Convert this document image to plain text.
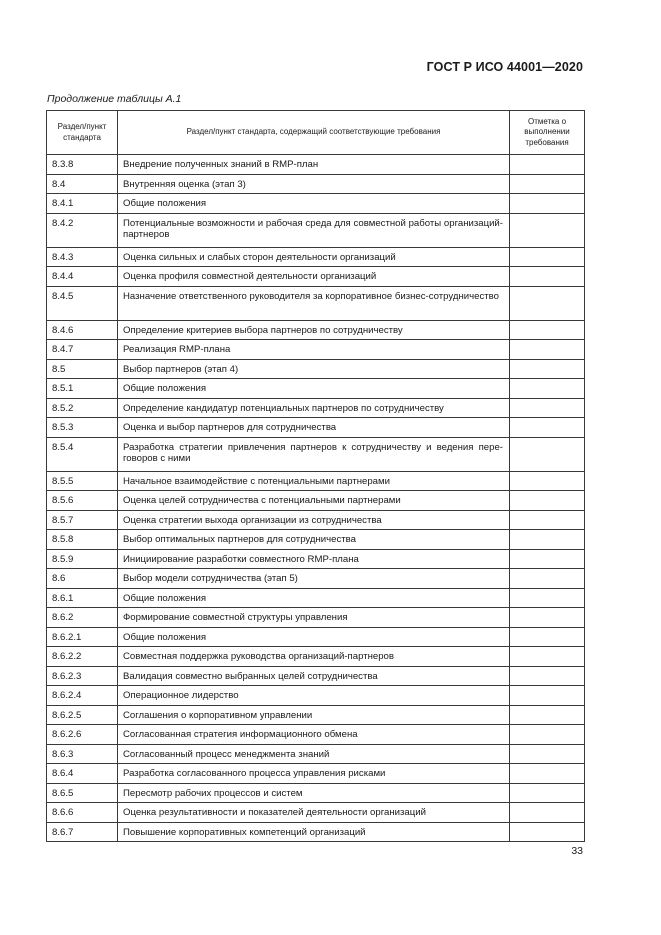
ГОСТ Р ИСО 44001—2020
Продолжение таблицы А.1
Раздел/пункт стандарта	Раздел/пункт стандарта, содержащий соответствующие требования	Отметка о выполнении требования
8.3.8	Внедрение полученных знаний в RMP-план	
8.4	Внутренняя оценка (этап 3)	
8.4.1	Общие положения	
8.4.2	Потенциальные возможности и рабочая среда для совместной работы организаций-партнеров	
8.4.3	Оценка сильных и слабых сторон деятельности организаций	
8.4.4	Оценка профиля совместной деятельности организаций	
8.4.5	Назначение ответственного руководителя за корпоративное бизнес-сотрудничество	
8.4.6	Определение критериев выбора партнеров по сотрудничеству	
8.4.7	Реализация RMP-плана	
8.5	Выбор партнеров (этап 4)	
8.5.1	Общие положения	
8.5.2	Определение кандидатур потенциальных партнеров по сотрудничеству	
8.5.3	Оценка и выбор партнеров для сотрудничества	
8.5.4	Разработка стратегии привлечения партнеров к сотрудничеству и ведения переговоров с ними	
8.5.5	Начальное взаимодействие с потенциальными партнерами	
8.5.6	Оценка целей сотрудничества с потенциальными партнерами	
8.5.7	Оценка стратегии выхода организации из сотрудничества	
8.5.8	Выбор оптимальных партнеров для сотрудничества	
8.5.9	Инициирование разработки совместного RMP-плана	
8.6	Выбор модели сотрудничества (этап 5)	
8.6.1	Общие положения	
8.6.2	Формирование совместной структуры управления	
8.6.2.1	Общие положения	
8.6.2.2	Совместная поддержка руководства организаций-партнеров	
8.6.2.3	Валидация совместно выбранных целей сотрудничества	
8.6.2.4	Операционное лидерство	
8.6.2.5	Соглашения о корпоративном управлении	
8.6.2.6	Согласованная стратегия информационного обмена	
8.6.3	Согласованный процесс менеджмента знаний	
8.6.4	Разработка согласованного процесса управления рисками	
8.6.5	Пересмотр рабочих процессов и систем	
8.6.6	Оценка результативности и показателей деятельности организаций	
8.6.7	Повышение корпоративных компетенций организаций	
33
